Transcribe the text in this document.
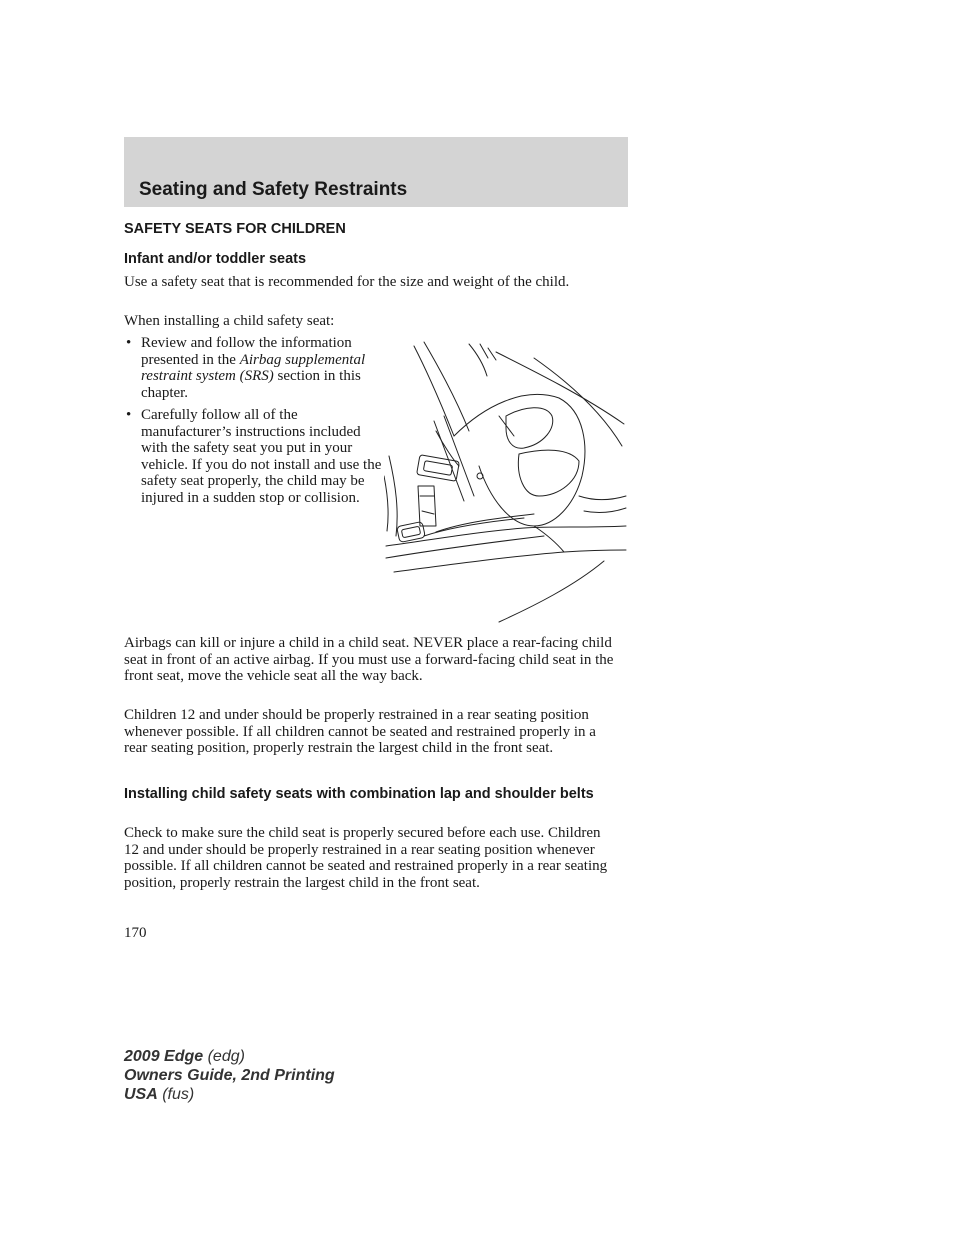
Seating and Safety Restraints
SAFETY SEATS FOR CHILDREN
Infant and/or toddler seats

Use a safety seat that is recommended for the size and weight of the child.

When installing a child safety seat:

• Review and follow the information presented in the Airbag supplemental restraint system (SRS) section in this chapter.
• Carefully follow all of the manufacturer’s instructions included with the safety seat you put in your vehicle. If you do not install and use the safety seat properly, the child may be injured in a sudden stop or collision.

Airbags can kill or injure a child in a child seat. NEVER place a rear-facing child seat in front of an active airbag. If you must use a forward-facing child seat in the front seat, move the vehicle seat all the way back.

Children 12 and under should be properly restrained in a rear seating position whenever possible. If all children cannot be seated and restrained properly in a rear seating position, properly restrain the largest child in the front seat.

Installing child safety seats with combination lap and shoulder belts

Check to make sure the child seat is properly secured before each use. Children 12 and under should be properly restrained in a rear seating position whenever possible. If all children cannot be seated and restrained properly in a rear seating position, properly restrain the largest child in the front seat.

170
2009 Edge (edg)
Owners Guide, 2nd Printing
USA (fus)
